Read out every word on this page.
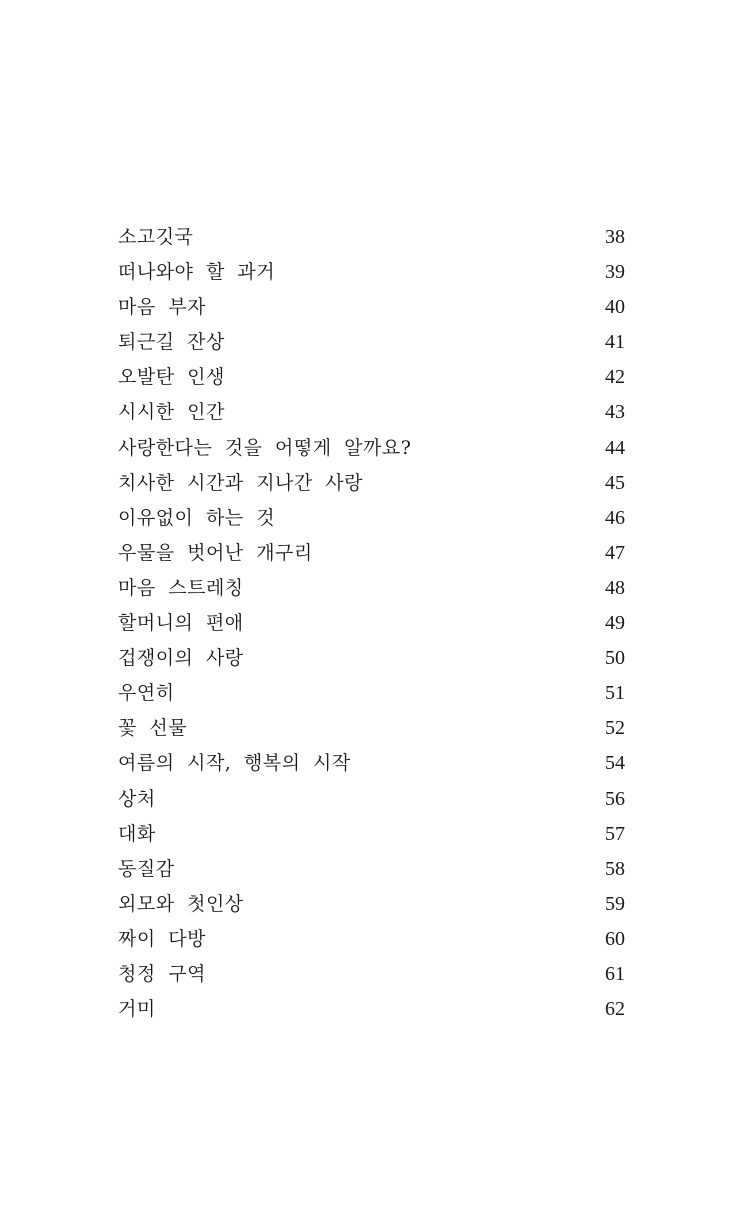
소고깃국	38
떠나와야 할 과거	39
마음 부자	40
퇴근길 잔상	41
오발탄 인생	42
시시한 인간	43
사랑한다는 것을 어떻게 알까요?	44
치사한 시간과 지나간 사랑	45
이유없이 하는 것	46
우물을 벗어난 개구리	47
마음 스트레칭	48
할머니의 편애	49
겁쟁이의 사랑	50
우연히	51
꽃 선물	52
여름의 시작, 행복의 시작	54
상처	56
대화	57
동질감	58
외모와 첫인상	59
짜이 다방	60
청정 구역	61
거미	62
